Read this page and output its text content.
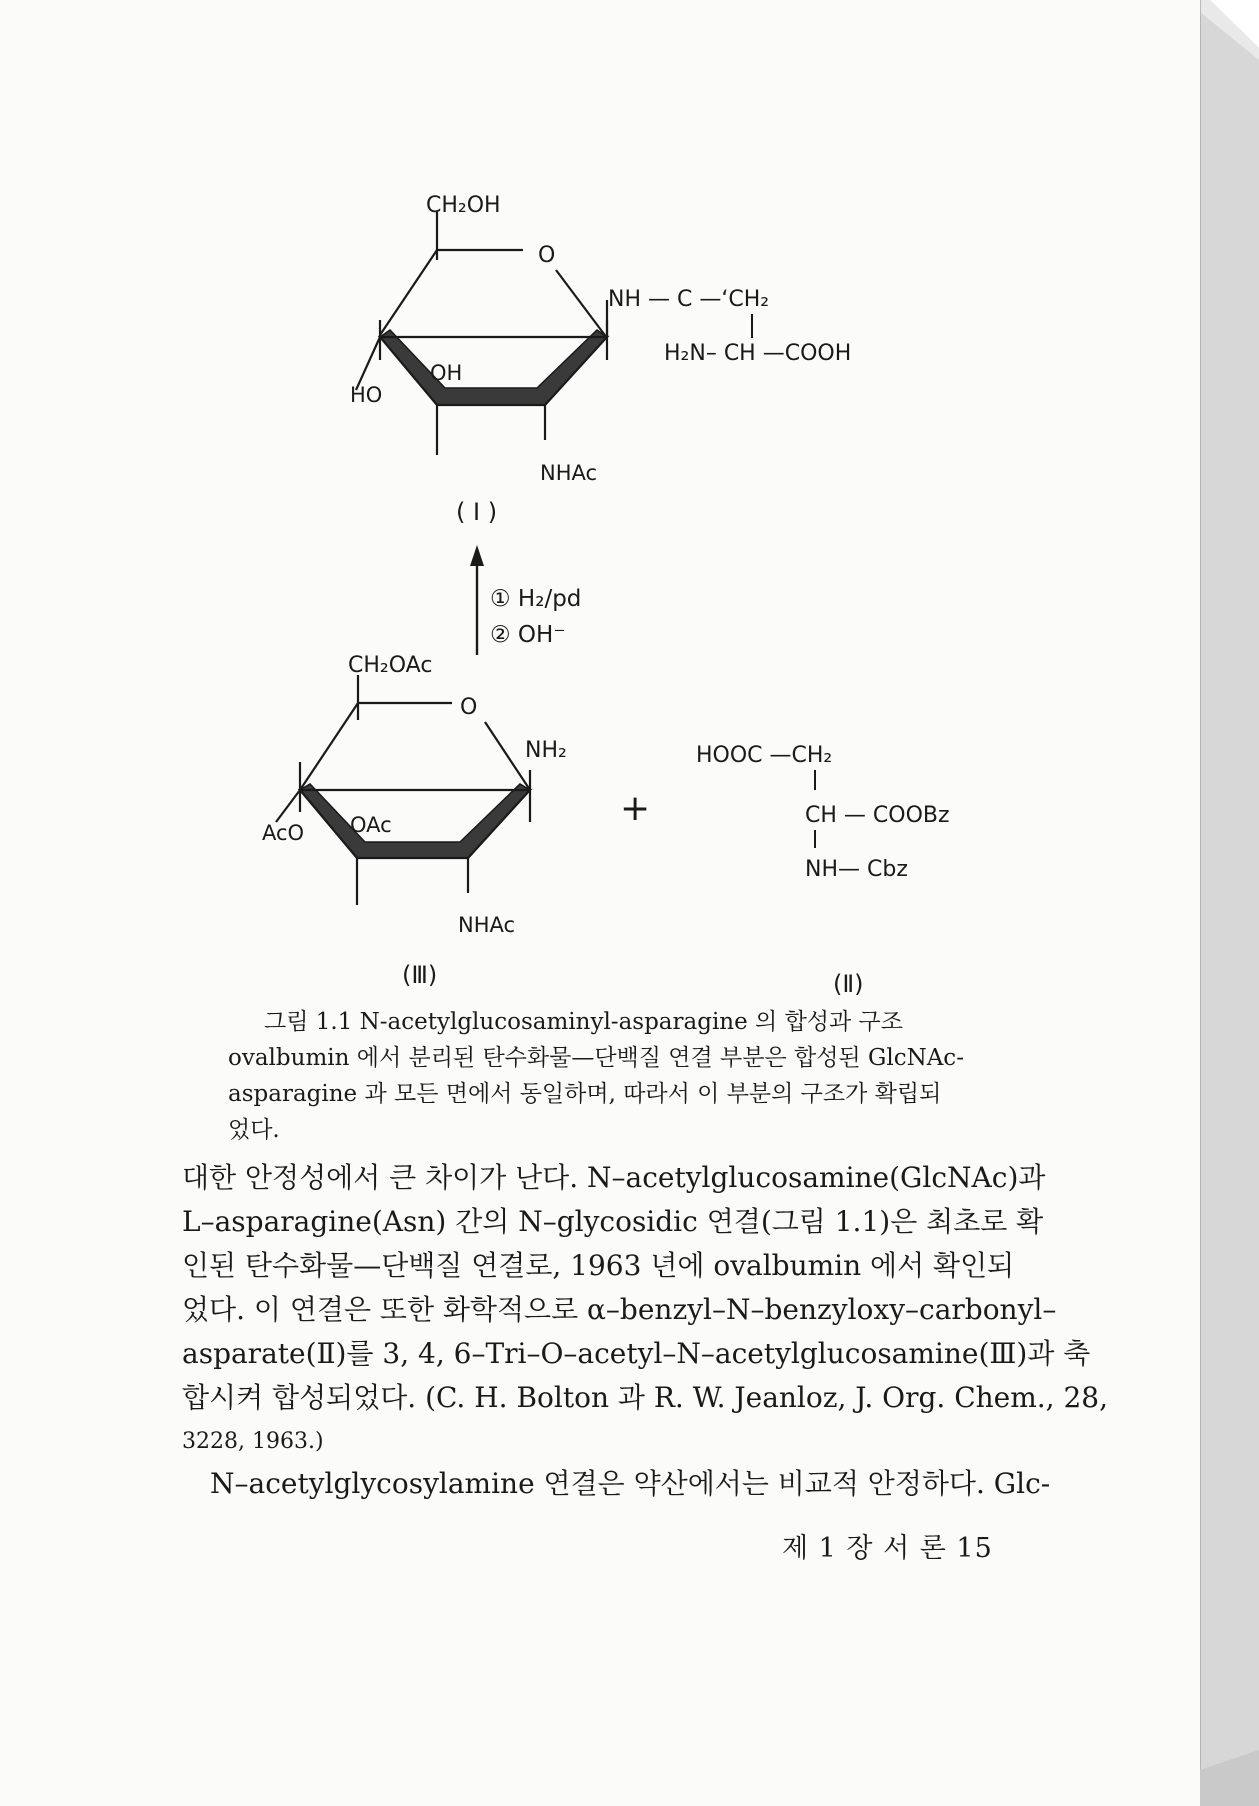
CH₂OH
O
NH — C —‘CH₂
H₂N– CH —COOH
OH
HO
NHAc
( I )
① H₂/pd
② OH⁻
CH₂OAc
O
NH₂
OAc
AcO
NHAc
(Ⅲ)
+
HOOC —CH₂
CH — COOBz
NH— Cbz
(Ⅱ)
그림 1.1 N-acetylglucosaminyl-asparagine 의 합성과 구조
ovalbumin 에서 분리된 탄수화물—단백질 연결 부분은 합성된 GlcNAc-
asparagine 과 모든 면에서 동일하며, 따라서 이 부분의 구조가 확립되
었다.
대한 안정성에서 큰 차이가 난다. N–acetylglucosamine(GlcNAc)과
L–asparagine(Asn) 간의 N–glycosidic 연결(그림 1.1)은 최초로 확
인된 탄수화물—단백질 연결로, 1963 년에 ovalbumin 에서 확인되
었다. 이 연결은 또한 화학적으로 α–benzyl–N–benzyloxy–carbonyl–
asparate(Ⅱ)를 3, 4, 6–Tri–O–acetyl–N–acetylglucosamine(Ⅲ)과 축
합시켜 합성되었다. (C. H. Bolton 과 R. W. Jeanloz, J. Org. Chem., 28,
3228, 1963.)
N–acetylglycosylamine 연결은 약산에서는 비교적 안정하다. Glc-
제 1 장 서 론 15
